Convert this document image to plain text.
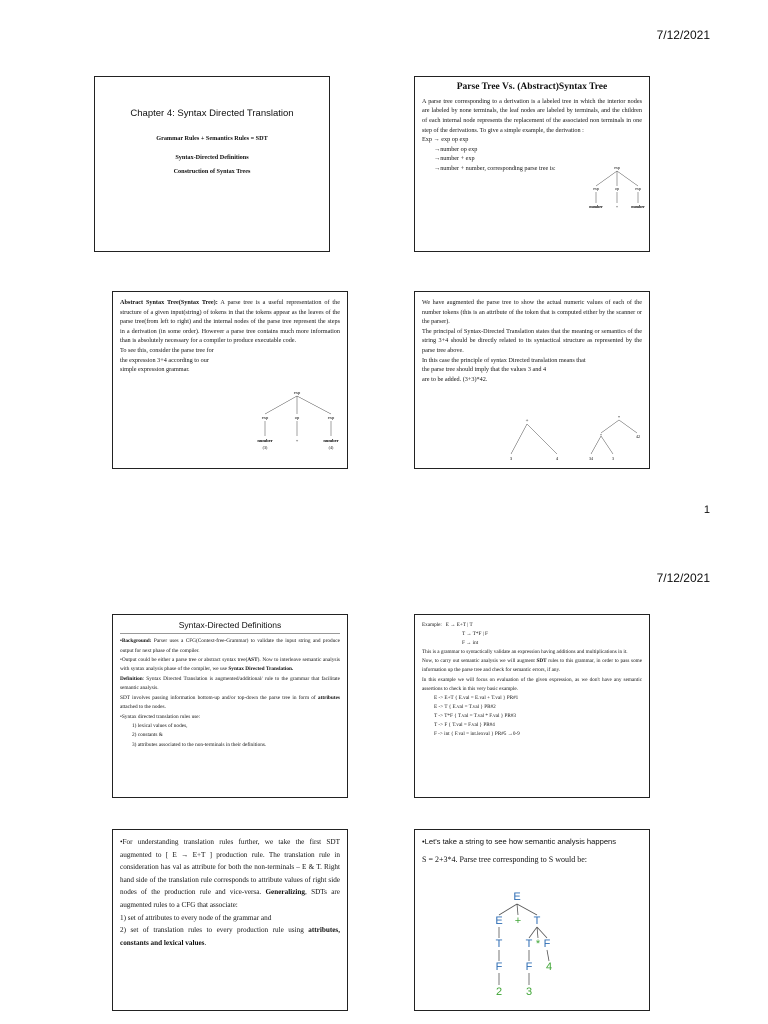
7/12/2021

Chapter 4: Syntax Directed Translation

Grammar Rules + Semantics Rules = SDT

Syntax-Directed Definitions

Construction of Syntax Trees

Parse Tree Vs. (Abstract)Syntax Tree

A parse tree corresponding to a derivation is a labeled tree in which the interior nodes are labeled by none terminals, the leaf nodes are labeled by terminals, and the children of each internal node represents the replacement of the associated non terminals in one step of the derivations. To give a simple example, the derivation :

Exp → exp op exp

→number op exp

→number + exp

→number + number, corresponding parse tree is:	exp
exp	op	exp
number	+	number

Abstract Syntax Tree(Syntax Tree): A parse tree is a useful representation of the structure of a given input(string) of tokens in that the tokens appear as the leaves of the parse tree(from left to right) and the internal nodes of the parse tree represent the steps in a derivation (in some order). However a parse tree contains much more information than is absolutely necessary for a compiler to produce executable code.

To see this, consider the parse tree for

the expression 3+4 according to our

simple expression grammar.

exp
exp	op	exp
number	+	number
(3)	(4)

We have augmented the parse tree to show the actual numeric values of each of the number tokens (this is an attribute of the token that is computed either by the scanner or the parser).

The principal of Syntax-Directed Translation states that the meaning or semantics of the string 3+4 should be directly related to its syntactical structure as represented by the parse tree above.

In this case the principle of syntax Directed translation means that

the parse tree should imply that the values 3 and 4

are to be added. (3+3)*42.

+
3	4
*
+	42
34	3
1
7/12/2021

Syntax-Directed Definitions

•Background: Parser uses a CFG(Context-free-Grammar) to validate the input string and produce output for next phase of the compiler.

•Output could be either a parse tree or abstract syntax tree(AST). Now to interleave semantic analysis with syntax analysis phase of the compiler, we use Syntax Directed Translation.

Definition: Syntax Directed Translation is augmented/additional/ rule to the grammar that facilitate semantic analysis.

SDT involves passing information bottom-up and/or top-down the parse tree in form of attributes attached to the nodes.

•Syntax directed translation rules use:

1) lexical values of nodes,

2) constants &

3) attributes associated to the non-terminals in their definitions.

Example: E → E+T | T

T → T*F | F

F → int

This is a grammar to syntactically validate an expression having additions and multiplications in it.

Now, to carry out semantic analysis we will augment SDT rules to this grammar, in order to pass some information up the parse tree and check for semantic errors, if any.

In this example we will focus on evaluation of the given expression, as we don't have any semantic assertions to check in this very basic example.

E -> E+T { E.val = E.val + T.val } PR#1

E -> T { E.val = T.val } PR#2

T -> T*F { T.val = T.val * F.val } PR#3

T -> F { T.val = F.val } PR#4

F -> int { F.val = int.lexval } PR#5 →0-9

•For understanding translation rules further, we take the first SDT augmented to [ E → E+T ] production rule. The translation rule in consideration has val as attribute for both the non-terminals – E & T. Right hand side of the translation rule corresponds to attribute values of right side nodes of the production rule and vice-versa. Generalizing, SDTs are augmented rules to a CFG that associate:

1) set of attributes to every node of the grammar and

2) set of translation rules to every production rule using attributes, constants and lexical values.

•Let's take a string to see how semantic analysis happens

S = 2+3*4. Parse tree corresponding to S would be:

E
E + T
T T * F
F F 4
2 3
